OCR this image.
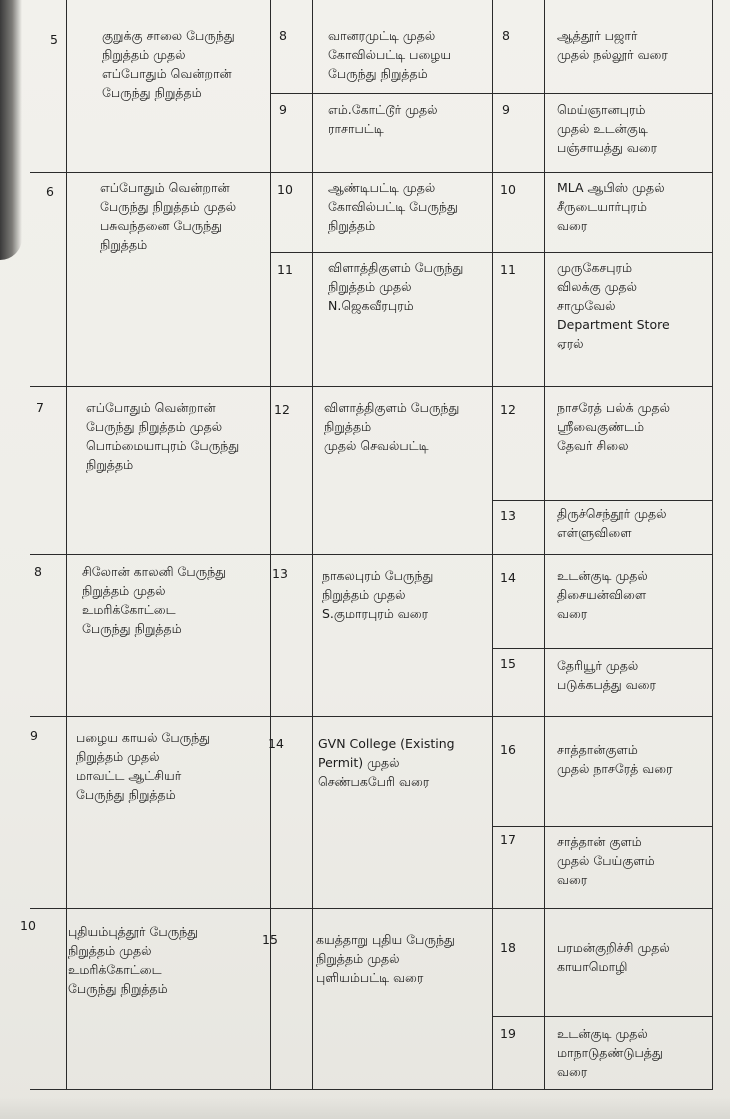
5	குறுக்கு சாலை பேருந்து
நிறுத்தம் முதல்
எப்போதும் வென்றான்
பேருந்து நிறுத்தம்
8	வானரமுட்டி முதல்
கோவில்பட்டி பழைய
பேருந்து நிறுத்தம்
9	எம்.கோட்டூர் முதல்
ராசாபட்டி
8	ஆத்தூர் பஜார்
முதல் நல்லூர் வரை
9	மெய்ஞானபுரம்
முதல் உடன்குடி
பஞ்சாயத்து வரை
6	எப்போதும் வென்றான்
பேருந்து நிறுத்தம் முதல்
பசுவந்தனை பேருந்து
நிறுத்தம்
10	ஆண்டிபட்டி முதல்
கோவில்பட்டி பேருந்து
நிறுத்தம்
11	விளாத்திகுளம் பேருந்து
நிறுத்தம் முதல்
N.ஜெகவீரபுரம்
10	MLA ஆபிஸ் முதல்
சீருடையார்புரம்
வரை
11	முருகேசபுரம்
விலக்கு முதல்
சாமுவேல்
Department Store
ஏரல்
7	எப்போதும் வென்றான்
பேருந்து நிறுத்தம் முதல்
பொம்மையாபுரம் பேருந்து
நிறுத்தம்
12	விளாத்திகுளம் பேருந்து
நிறுத்தம்
முதல் செவல்பட்டி
12	நாசரேத் பல்க் முதல்
ஸ்ரீவைகுண்டம்
தேவர் சிலை
13	திருச்செந்தூர் முதல்
எள்ளுவிளை
8	சிலோன் காலனி பேருந்து
நிறுத்தம் முதல்
உமரிக்கோட்டை
பேருந்து நிறுத்தம்
13	நாகலபுரம் பேருந்து
நிறுத்தம் முதல்
S.குமாரபுரம் வரை
14	உடன்குடி முதல்
திசையன்விளை
வரை
15	தேரியூர் முதல்
படுக்கபத்து வரை
9	பழைய காயல் பேருந்து
நிறுத்தம் முதல்
மாவட்ட ஆட்சியர்
பேருந்து நிறுத்தம்
14	GVN College (Existing
Permit) முதல்
செண்பகபேரி வரை
16	சாத்தான்குளம்
முதல் நாசரேத் வரை
17	சாத்தான் குளம்
முதல் பேய்குளம்
வரை
10	புதியம்புத்தூர் பேருந்து
நிறுத்தம் முதல்
உமரிக்கோட்டை
பேருந்து நிறுத்தம்
15	கயத்தாறு புதிய பேருந்து
நிறுத்தம் முதல்
புளியம்பட்டி வரை
18	பரமன்குறிச்சி முதல்
காயாமொழி
19	உடன்குடி முதல்
மாநாடுதண்டுபத்து
வரை
